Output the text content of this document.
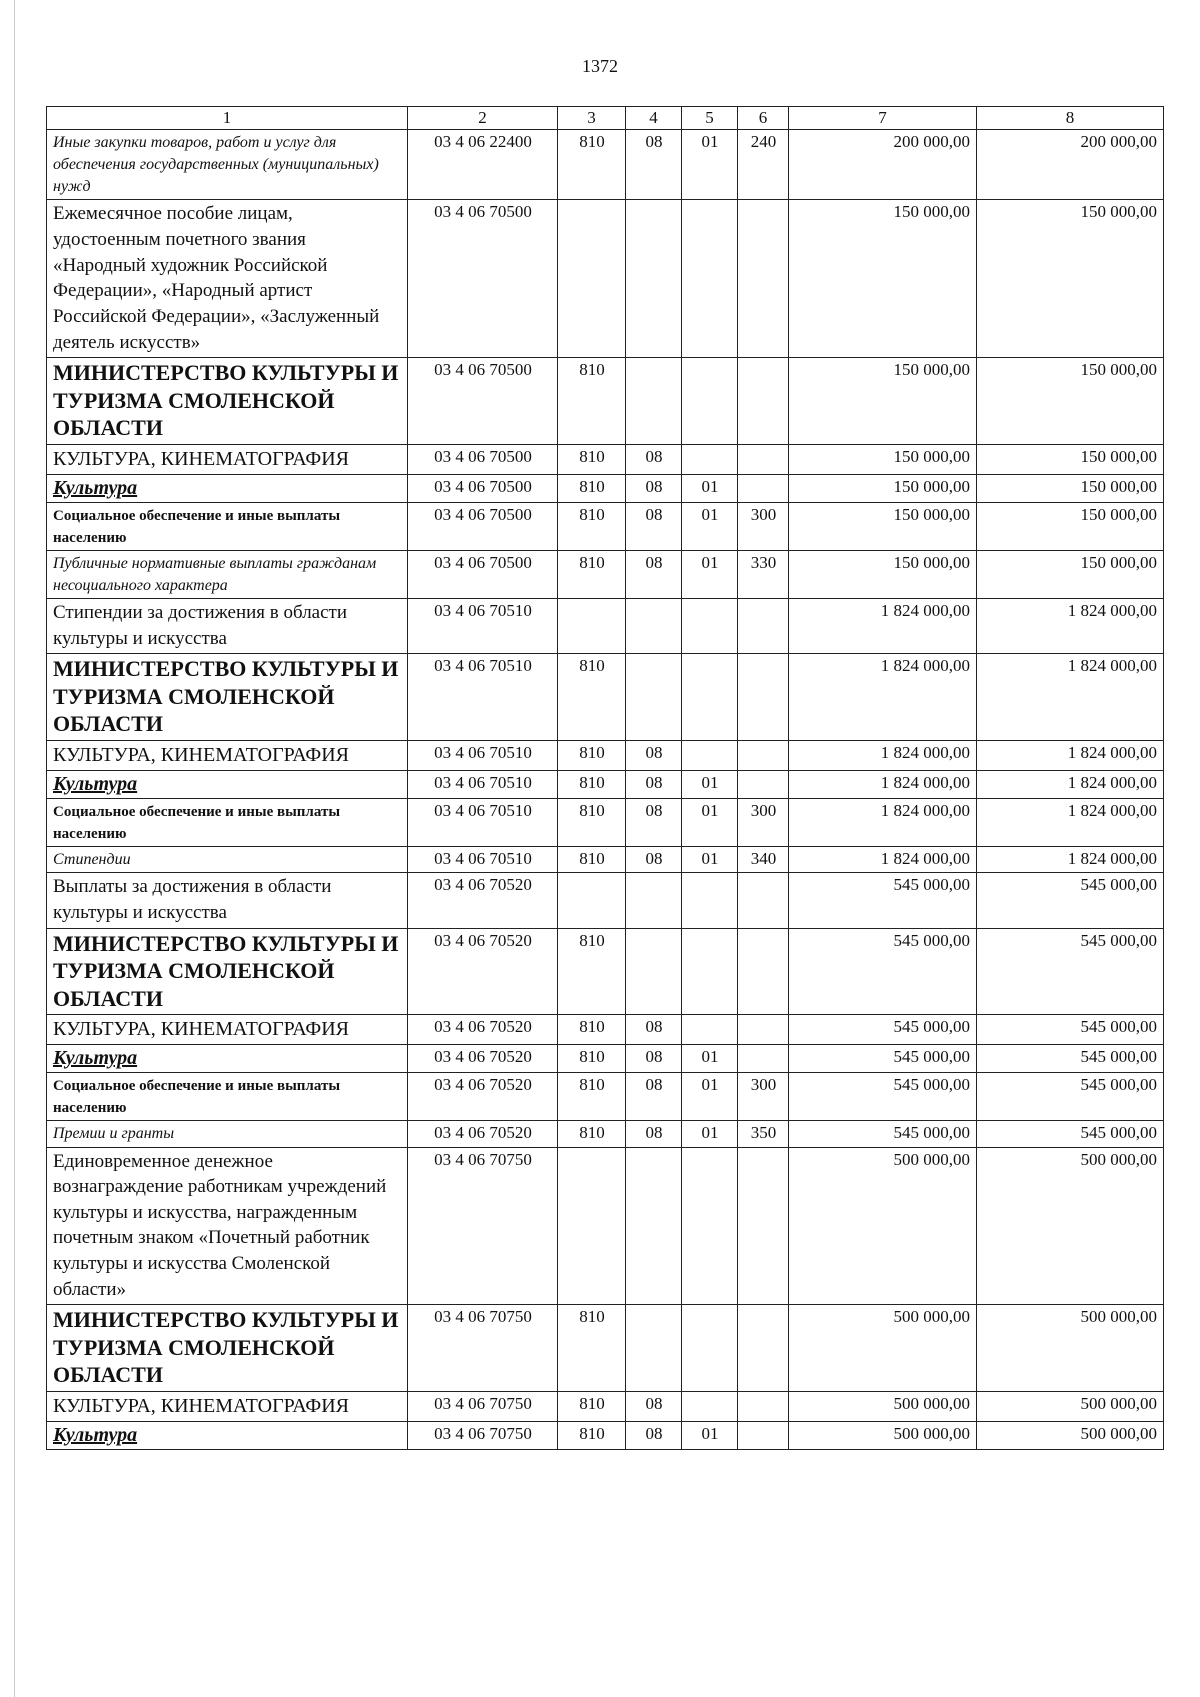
1372
1	2	3	4	5	6	7	8
Иные закупки товаров, работ и услуг для обеспечения государственных (муниципальных) нужд	03 4 06 22400	810	08	01	240	200 000,00	200 000,00
Ежемесячное пособие лицам, удостоенным почетного звания «Народный художник Российской Федерации», «Народный артист Российской Федерации», «Заслуженный деятель искусств»	03 4 06 70500					150 000,00	150 000,00
МИНИСТЕРСТВО КУЛЬТУРЫ И ТУРИЗМА СМОЛЕНСКОЙ ОБЛАСТИ	03 4 06 70500	810				150 000,00	150 000,00
КУЛЬТУРА, КИНЕМАТОГРАФИЯ	03 4 06 70500	810	08			150 000,00	150 000,00
Культура	03 4 06 70500	810	08	01		150 000,00	150 000,00
Социальное обеспечение и иные выплаты населению	03 4 06 70500	810	08	01	300	150 000,00	150 000,00
Публичные нормативные выплаты гражданам несоциального характера	03 4 06 70500	810	08	01	330	150 000,00	150 000,00
Стипендии за достижения в области культуры и искусства	03 4 06 70510					1 824 000,00	1 824 000,00
МИНИСТЕРСТВО КУЛЬТУРЫ И ТУРИЗМА СМОЛЕНСКОЙ ОБЛАСТИ	03 4 06 70510	810				1 824 000,00	1 824 000,00
КУЛЬТУРА, КИНЕМАТОГРАФИЯ	03 4 06 70510	810	08			1 824 000,00	1 824 000,00
Культура	03 4 06 70510	810	08	01		1 824 000,00	1 824 000,00
Социальное обеспечение и иные выплаты населению	03 4 06 70510	810	08	01	300	1 824 000,00	1 824 000,00
Стипендии	03 4 06 70510	810	08	01	340	1 824 000,00	1 824 000,00
Выплаты за достижения в области культуры и искусства	03 4 06 70520					545 000,00	545 000,00
МИНИСТЕРСТВО КУЛЬТУРЫ И ТУРИЗМА СМОЛЕНСКОЙ ОБЛАСТИ	03 4 06 70520	810				545 000,00	545 000,00
КУЛЬТУРА, КИНЕМАТОГРАФИЯ	03 4 06 70520	810	08			545 000,00	545 000,00
Культура	03 4 06 70520	810	08	01		545 000,00	545 000,00
Социальное обеспечение и иные выплаты населению	03 4 06 70520	810	08	01	300	545 000,00	545 000,00
Премии и гранты	03 4 06 70520	810	08	01	350	545 000,00	545 000,00
Единовременное денежное вознаграждение работникам учреждений культуры и искусства, награжденным почетным знаком «Почетный работник культуры и искусства Смоленской области»	03 4 06 70750					500 000,00	500 000,00
МИНИСТЕРСТВО КУЛЬТУРЫ И ТУРИЗМА СМОЛЕНСКОЙ ОБЛАСТИ	03 4 06 70750	810				500 000,00	500 000,00
КУЛЬТУРА, КИНЕМАТОГРАФИЯ	03 4 06 70750	810	08			500 000,00	500 000,00
Культура	03 4 06 70750	810	08	01		500 000,00	500 000,00
